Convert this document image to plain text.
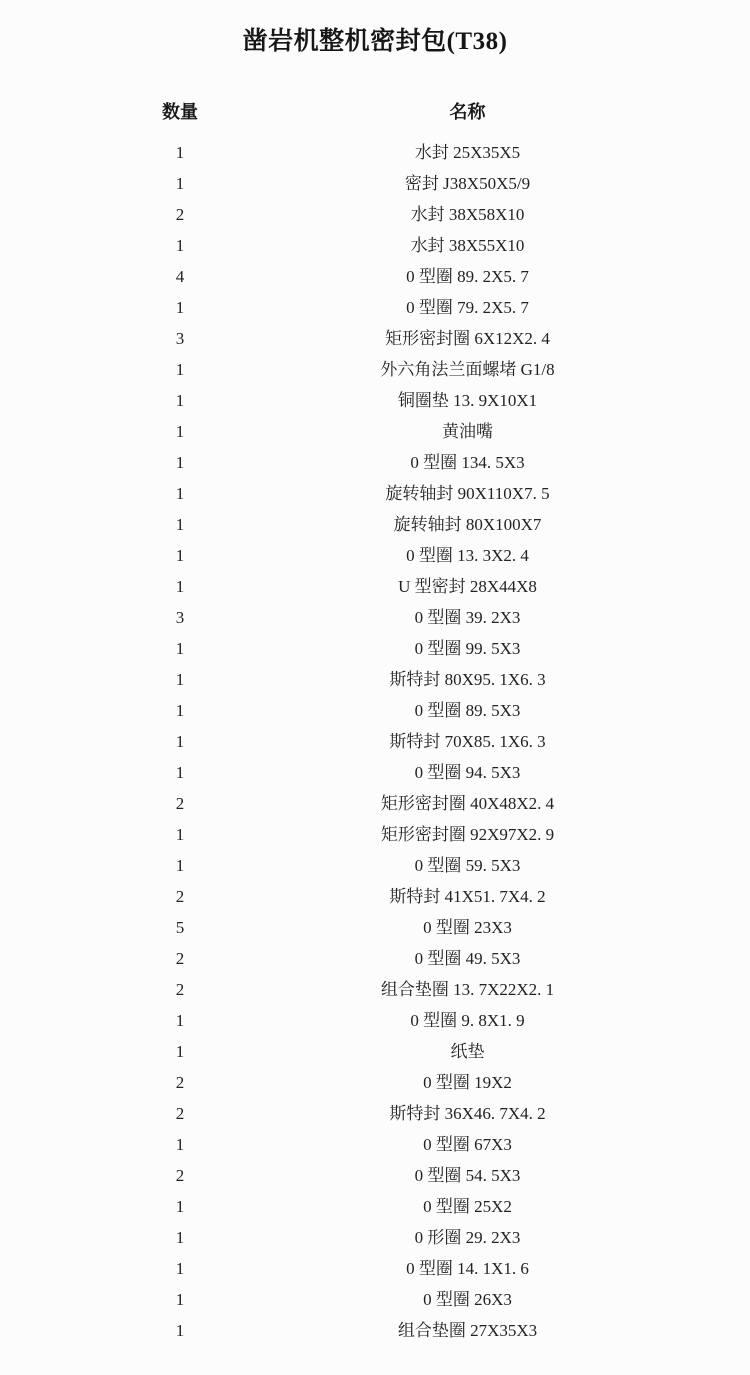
凿岩机整机密封包(T38)
数量	名称
1	水封 25X35X5
1	密封 J38X50X5/9
2	水封 38X58X10
1	水封 38X55X10
4	0 型圈 89. 2X5. 7
1	0 型圈 79. 2X5. 7
3	矩形密封圈 6X12X2. 4
1	外六角法兰面螺堵 G1/8
1	铜圈垫 13. 9X10X1
1	黄油嘴
1	0 型圈 134. 5X3
1	旋转轴封 90X110X7. 5
1	旋转轴封 80X100X7
1	0 型圈 13. 3X2. 4
1	U 型密封 28X44X8
3	0 型圈 39. 2X3
1	0 型圈 99. 5X3
1	斯特封 80X95. 1X6. 3
1	0 型圈 89. 5X3
1	斯特封 70X85. 1X6. 3
1	0 型圈 94. 5X3
2	矩形密封圈 40X48X2. 4
1	矩形密封圈 92X97X2. 9
1	0 型圈 59. 5X3
2	斯特封 41X51. 7X4. 2
5	0 型圈 23X3
2	0 型圈 49. 5X3
2	组合垫圈 13. 7X22X2. 1
1	0 型圈 9. 8X1. 9
1	纸垫
2	0 型圈 19X2
2	斯特封 36X46. 7X4. 2
1	0 型圈 67X3
2	0 型圈 54. 5X3
1	0 型圈 25X2
1	0 形圈 29. 2X3
1	0 型圈 14. 1X1. 6
1	0 型圈 26X3
1	组合垫圈 27X35X3
